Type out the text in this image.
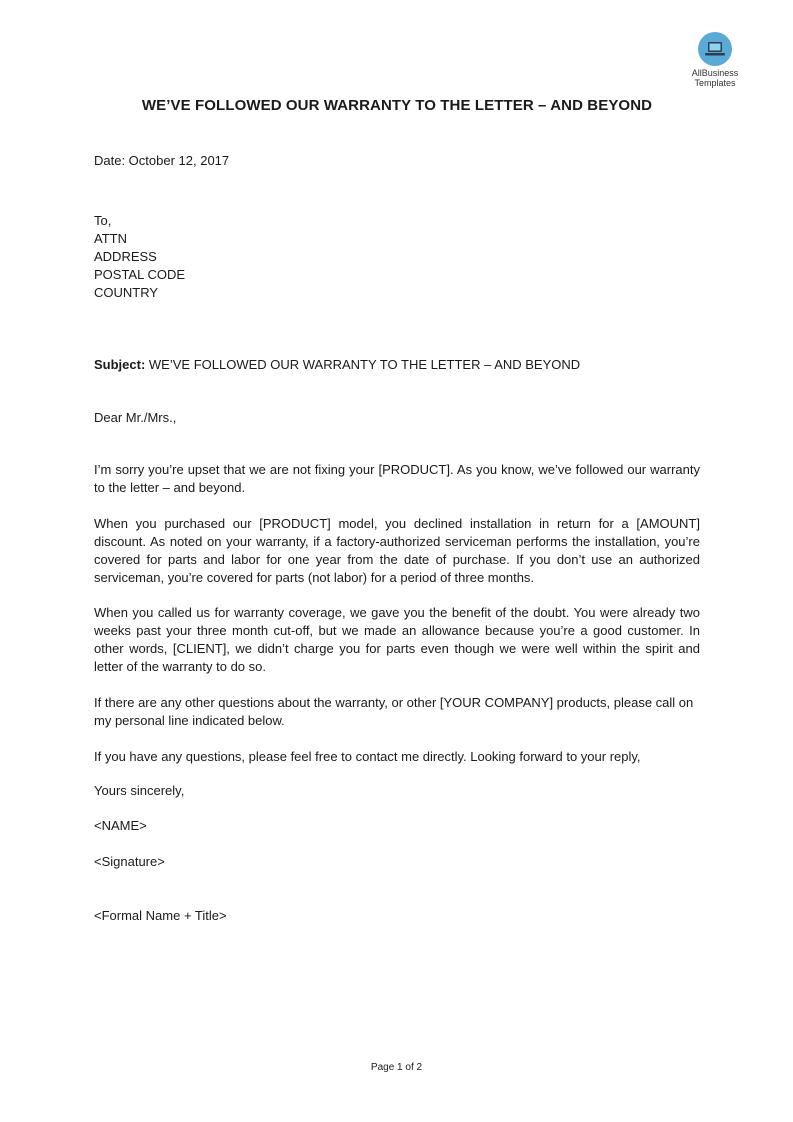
AllBusiness
Templates
WE’VE FOLLOWED OUR WARRANTY TO THE LETTER – AND BEYOND
Date: October 12, 2017
To,
ATTN
ADDRESS
POSTAL CODE
COUNTRY
Subject: WE’VE FOLLOWED OUR WARRANTY TO THE LETTER – AND BEYOND
Dear Mr./Mrs.,
I’m sorry you’re upset that we are not fixing your [PRODUCT]. As you know, we’ve followed our warranty to the letter – and beyond.
When you purchased our [PRODUCT] model, you declined installation in return for a [AMOUNT] discount. As noted on your warranty, if a factory-authorized serviceman performs the installation, you’re covered for parts and labor for one year from the date of purchase. If you don’t use an authorized serviceman, you’re covered for parts (not labor) for a period of three months.
When you called us for warranty coverage, we gave you the benefit of the doubt. You were already two weeks past your three month cut-off, but we made an allowance because you’re a good customer. In other words, [CLIENT], we didn’t charge you for parts even though we were well within the spirit and letter of the warranty to do so.
If there are any other questions about the warranty, or other [YOUR COMPANY] products, please call on my personal line indicated below.
If you have any questions, please feel free to contact me directly. Looking forward to your reply,
Yours sincerely,
<NAME>
<Signature>
<Formal Name + Title>
Page 1 of 2
